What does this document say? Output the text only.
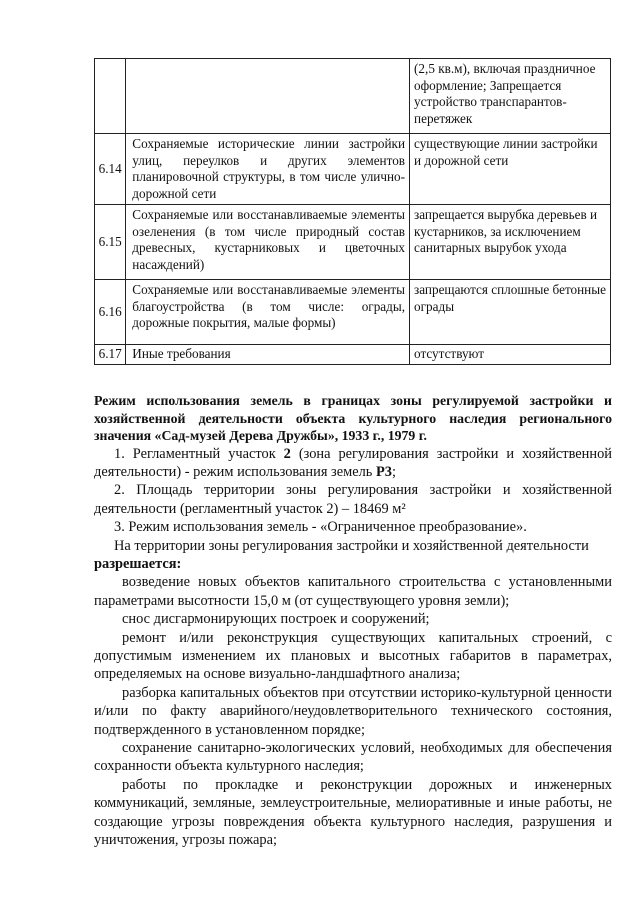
		(2,5 кв.м), включая праздничное оформление; Запрещается устройство транспарантов-перетяжек
6.14	Сохраняемые исторические линии застройки улиц, переулков и других элементов планировочной структуры, в том числе улично-дорожной сети	существующие линии застройки и дорожной сети
6.15	Сохраняемые или восстанавливаемые элементы озеленения (в том числе природный состав древесных, кустарниковых и цветочных насаждений)	запрещается вырубка деревьев и кустарников, за исключением санитарных вырубок ухода
6.16	Сохраняемые или восстанавливаемые элементы благоустройства (в том числе: ограды, дорожные покрытия, малые формы)	запрещаются сплошные бетонные ограды
6.17	Иные требования	отсутствуют

Режим использования земель в границах зоны регулируемой застройки и хозяйственной деятельности объекта культурного наследия регионального значения «Сад-музей Дерева Дружбы», 1933 г., 1979 г.

1. Регламентный участок 2 (зона регулирования застройки и хозяйственной деятельности) - режим использования земель Р3;

2. Площадь территории зоны регулирования застройки и хозяйственной деятельности (регламентный участок 2) – 18469 м²

3. Режим использования земель - «Ограниченное преобразование».

На территории зоны регулирования застройки и хозяйственной деятельности

разрешается:

возведение новых объектов капитального строительства с установленными параметрами высотности 15,0 м (от существующего уровня земли);

снос дисгармонирующих построек и сооружений;

ремонт и/или реконструкция существующих капитальных строений, с допустимым изменением их плановых и высотных габаритов в параметрах, определяемых на основе визуально-ландшафтного анализа;

разборка капитальных объектов при отсутствии историко-культурной ценности и/или по факту аварийного/неудовлетворительного технического состояния, подтвержденного в установленном порядке;

сохранение санитарно-экологических условий, необходимых для обеспечения сохранности объекта культурного наследия;

работы по прокладке и реконструкции дорожных и инженерных коммуникаций, земляные, землеустроительные, мелиоративные и иные работы, не создающие угрозы повреждения объекта культурного наследия, разрушения и уничтожения, угрозы пожара;
